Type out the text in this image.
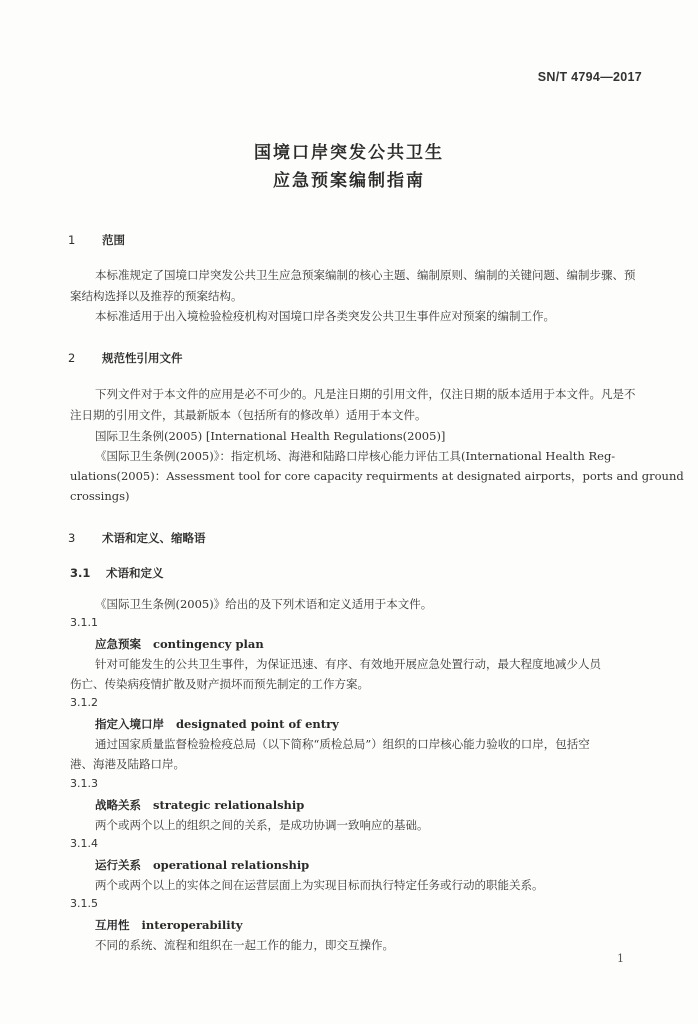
SN/T 4794—2017
国境口岸突发公共卫生
应急预案编制指南
1 范围
本标准规定了国境口岸突发公共卫生应急预案编制的核心主题、编制原则、编制的关键问题、编制步骤、预案结构选择以及推荐的预案结构。
本标准适用于出入境检验检疫机构对国境口岸各类突发公共卫生事件应对预案的编制工作。
2 规范性引用文件
下列文件对于本文件的应用是必不可少的。凡是注日期的引用文件，仅注日期的版本适用于本文件。凡是不注日期的引用文件，其最新版本（包括所有的修改单）适用于本文件。
国际卫生条例(2005) [International Health Regulations(2005)]
《国际卫生条例(2005)》：指定机场、海港和陆路口岸核心能力评估工具(International Health Reg-
ulations(2005)：Assessment tool for core capacity requirments at designated airports，ports and ground
crossings)
3 术语和定义、缩略语
3.1 术语和定义
《国际卫生条例(2005)》给出的及下列术语和定义适用于本文件。
3.1.1
应急预案 contingency plan
针对可能发生的公共卫生事件，为保证迅速、有序、有效地开展应急处置行动，最大程度地减少人员
伤亡、传染病疫情扩散及财产损坏而预先制定的工作方案。
3.1.2
指定入境口岸 designated point of entry
通过国家质量监督检验检疫总局（以下简称“质检总局”）组织的口岸核心能力验收的口岸，包括空
港、海港及陆路口岸。
3.1.3
战略关系 strategic relationalship
两个或两个以上的组织之间的关系，是成功协调一致响应的基础。
3.1.4
运行关系 operational relationship
两个或两个以上的实体之间在运营层面上为实现目标而执行特定任务或行动的职能关系。
3.1.5
互用性 interoperability
不同的系统、流程和组织在一起工作的能力，即交互操作。
1
